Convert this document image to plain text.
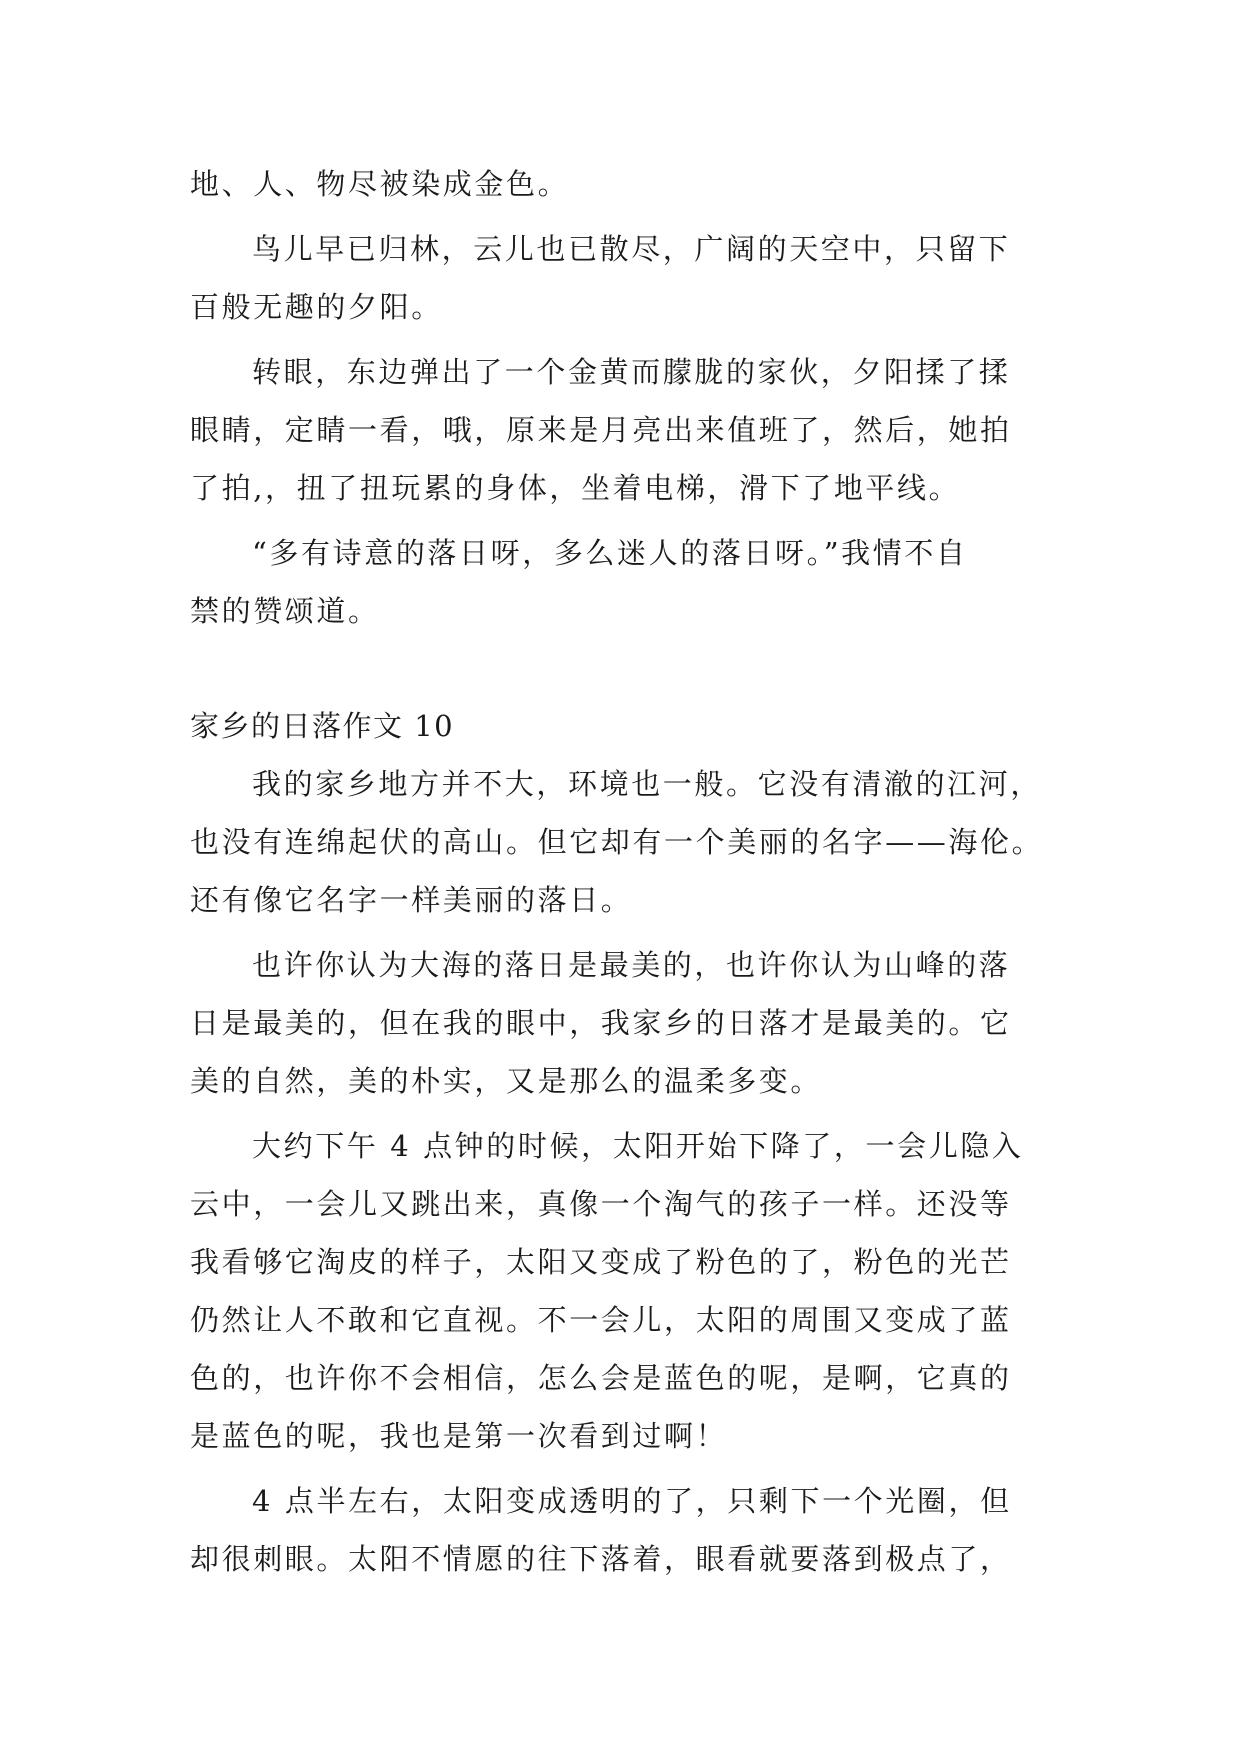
地、人、物尽被染成金色。
鸟儿早已归林，云儿也已散尽，广阔的天空中，只留下
百般无趣的夕阳。
转眼，东边弹出了一个金黄而朦胧的家伙，夕阳揉了揉
眼睛，定睛一看，哦，原来是月亮出来值班了，然后，她拍
了拍,，扭了扭玩累的身体，坐着电梯，滑下了地平线。
“多有诗意的落日呀，多么迷人的落日呀。”我情不自
禁的赞颂道。
家乡的日落作文 10
我的家乡地方并不大，环境也一般。它没有清澈的江河，
也没有连绵起伏的高山。但它却有一个美丽的名字——海伦。
还有像它名字一样美丽的落日。
也许你认为大海的落日是最美的，也许你认为山峰的落
日是最美的，但在我的眼中，我家乡的日落才是最美的。它
美的自然，美的朴实，又是那么的温柔多变。
大约下午 4 点钟的时候，太阳开始下降了，一会儿隐入
云中，一会儿又跳出来，真像一个淘气的孩子一样。还没等
我看够它淘皮的样子，太阳又变成了粉色的了，粉色的光芒
仍然让人不敢和它直视。不一会儿，太阳的周围又变成了蓝
色的，也许你不会相信，怎么会是蓝色的呢，是啊，它真的
是蓝色的呢，我也是第一次看到过啊！
4 点半左右，太阳变成透明的了，只剩下一个光圈，但
却很刺眼。太阳不情愿的往下落着，眼看就要落到极点了，
